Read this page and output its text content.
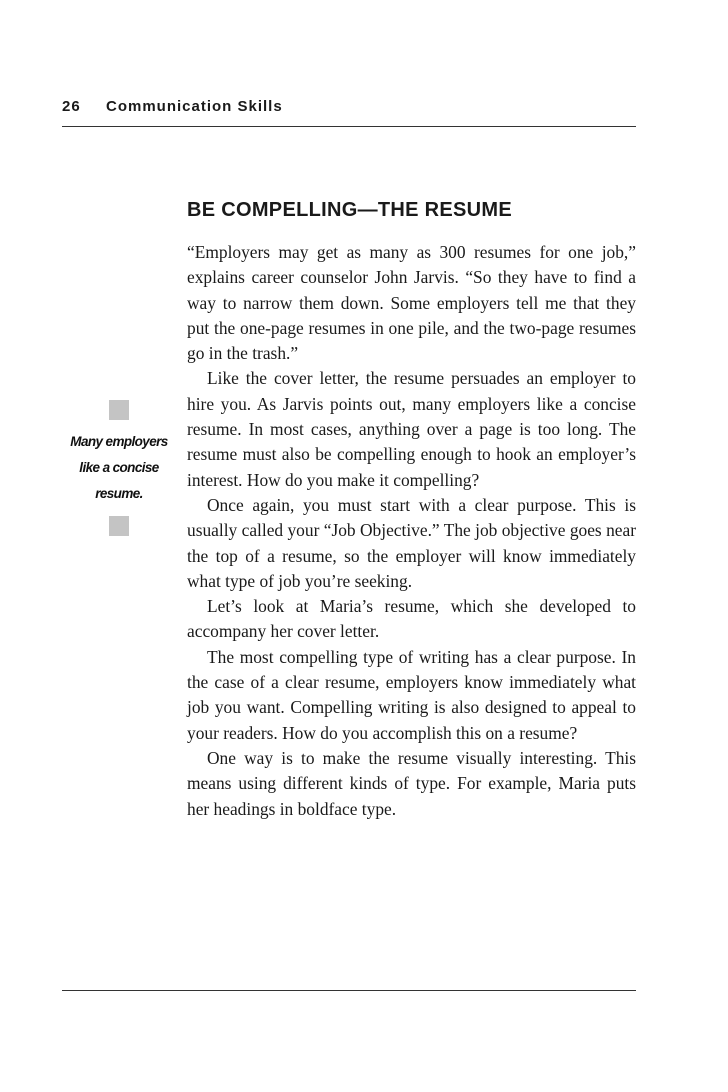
26 Communication Skills
BE COMPELLING—THE RESUME
Many employers
like a concise
resume.

“Employers may get as many as 300 resumes for one job,” explains career counselor John Jarvis. “So they have to find a way to narrow them down. Some employers tell me that they put the one-page resumes in one pile, and the two-page resumes go in the trash.”

Like the cover letter, the resume persuades an employer to hire you. As Jarvis points out, many employers like a concise resume. In most cases, anything over a page is too long. The resume must also be compelling enough to hook an employer’s interest. How do you make it compelling?

Once again, you must start with a clear purpose. This is usually called your “Job Objective.” The job objective goes near the top of a resume, so the employer will know immediately what type of job you’re seeking.

Let’s look at Maria’s resume, which she developed to accompany her cover letter.

The most compelling type of writing has a clear purpose. In the case of a clear resume, employers know immediately what job you want. Compelling writing is also designed to appeal to your readers. How do you accomplish this on a resume?

One way is to make the resume visually interesting. This means using different kinds of type. For example, Maria puts her headings in boldface type.
